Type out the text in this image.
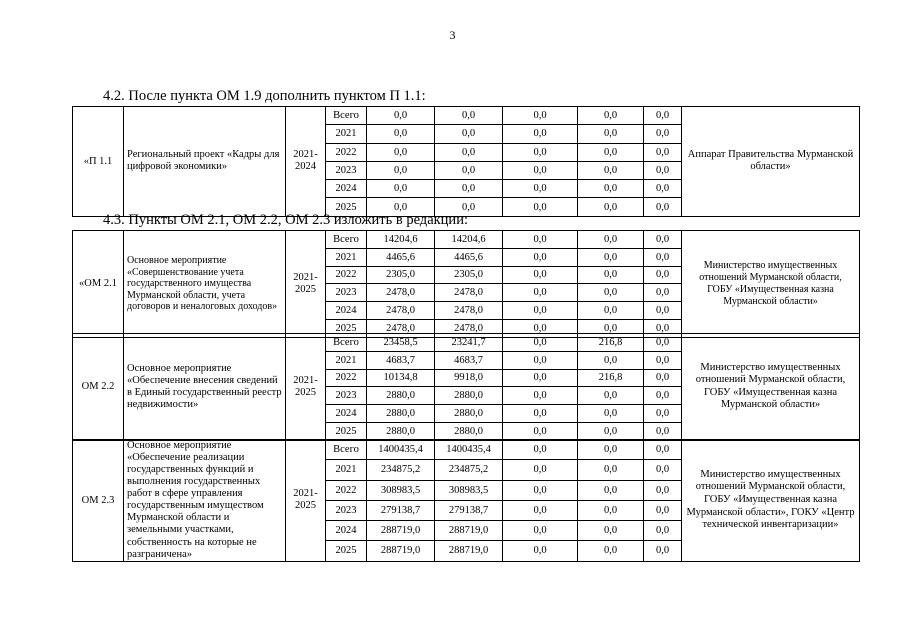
3
4.2. После пункта ОМ 1.9 дополнить пунктом П 1.1:
4.3. Пункты ОМ 2.1, ОМ 2.2, ОМ 2.3 изложить в редакции:
«П 1.1	Региональный проект «Кадры для цифровой экономики»	2021-2024	Всего	0,0	0,0	0,0	0,0	0,0	Аппарат Правительства Мурманской области»
			2021	0,0	0,0	0,0	0,0	0,0	
			2022	0,0	0,0	0,0	0,0	0,0	
			2023	0,0	0,0	0,0	0,0	0,0	
			2024	0,0	0,0	0,0	0,0	0,0	
			2025	0,0	0,0	0,0	0,0	0,0	
«ОМ 2.1	Основное мероприятие «Совершенствование учета государственного имущества Мурманской области, учета договоров и неналоговых доходов»	2021-2025	Всего	14204,6	14204,6	0,0	0,0	0,0	Министерство имущественных отношений Мурманской области, ГОБУ «Имущественная казна Мурманской области»
			2021	4465,6	4465,6	0,0	0,0	0,0	
			2022	2305,0	2305,0	0,0	0,0	0,0	
			2023	2478,0	2478,0	0,0	0,0	0,0	
			2024	2478,0	2478,0	0,0	0,0	0,0	
			2025	2478,0	2478,0	0,0	0,0	0,0	
ОМ 2.2	Основное мероприятие «Обеспечение внесения сведений в Единый государственный реестр недвижимости»	2021-2025	Всего	23458,5	23241,7	0,0	216,8	0,0	Министерство имущественных отношений Мурманской области, ГОБУ «Имущественная казна Мурманской области»
			2021	4683,7	4683,7	0,0	0,0	0,0	
			2022	10134,8	9918,0	0,0	216,8	0,0	
			2023	2880,0	2880,0	0,0	0,0	0,0	
			2024	2880,0	2880,0	0,0	0,0	0,0	
			2025	2880,0	2880,0	0,0	0,0	0,0	
ОМ 2.3	Основное мероприятие «Обеспечение реализации государственных функций и выполнения государственных работ в сфере управления государственным имуществом Мурманской области и земельными участками, собственность на которые не разграничена»	2021-2025	Всего	1400435,4	1400435,4	0,0	0,0	0,0	Министерство имущественных отношений Мурманской области, ГОБУ «Имущественная казна Мурманской области», ГОКУ «Центр технической инвентаризации»
			2021	234875,2	234875,2	0,0	0,0	0,0	
			2022	308983,5	308983,5	0,0	0,0	0,0	
			2023	279138,7	279138,7	0,0	0,0	0,0	
			2024	288719,0	288719,0	0,0	0,0	0,0	
			2025	288719,0	288719,0	0,0	0,0	0,0	
